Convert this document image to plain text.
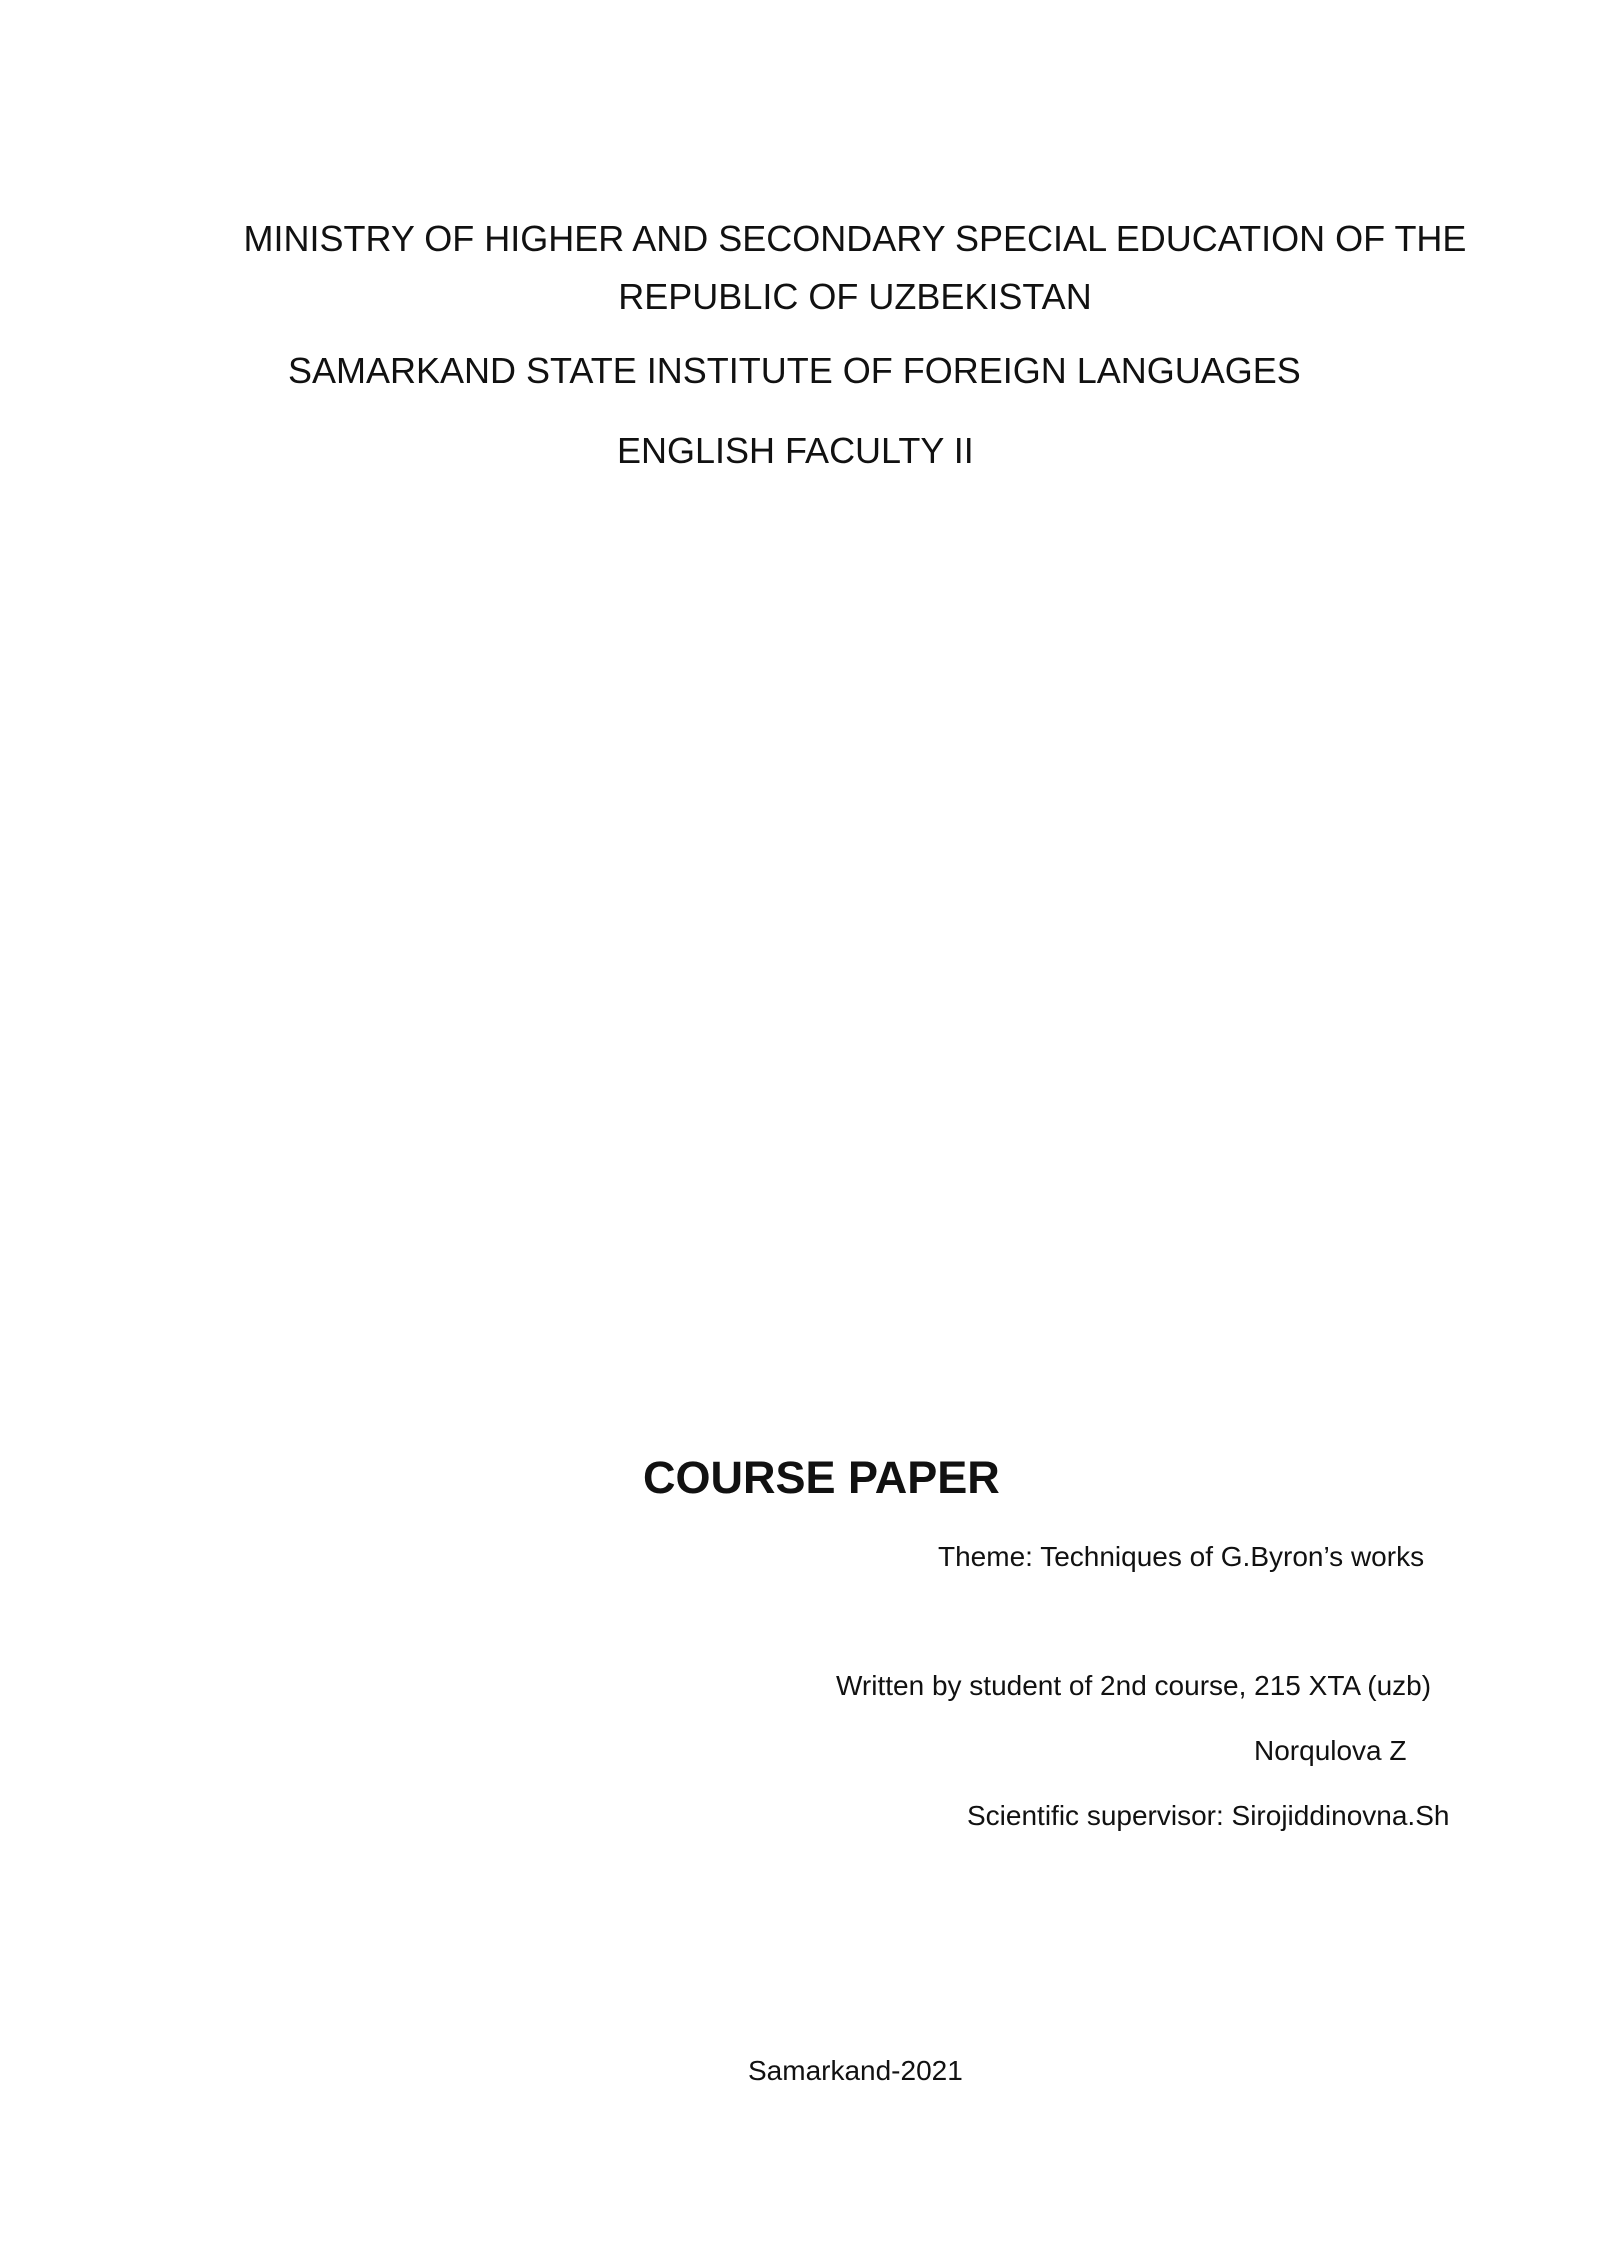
MINISTRY OF HIGHER AND SECONDARY SPECIAL EDUCATION OF THE
REPUBLIC OF UZBEKISTAN

SAMARKAND STATE INSTITUTE OF FOREIGN LANGUAGES

ENGLISH FACULTY II

COURSE PAPER

Theme: Techniques of G.Byron’s works

Written by student of 2nd course, 215 XTA (uzb)

Norqulova Z

Scientific supervisor: Sirojiddinovna.Sh

Samarkand-2021
